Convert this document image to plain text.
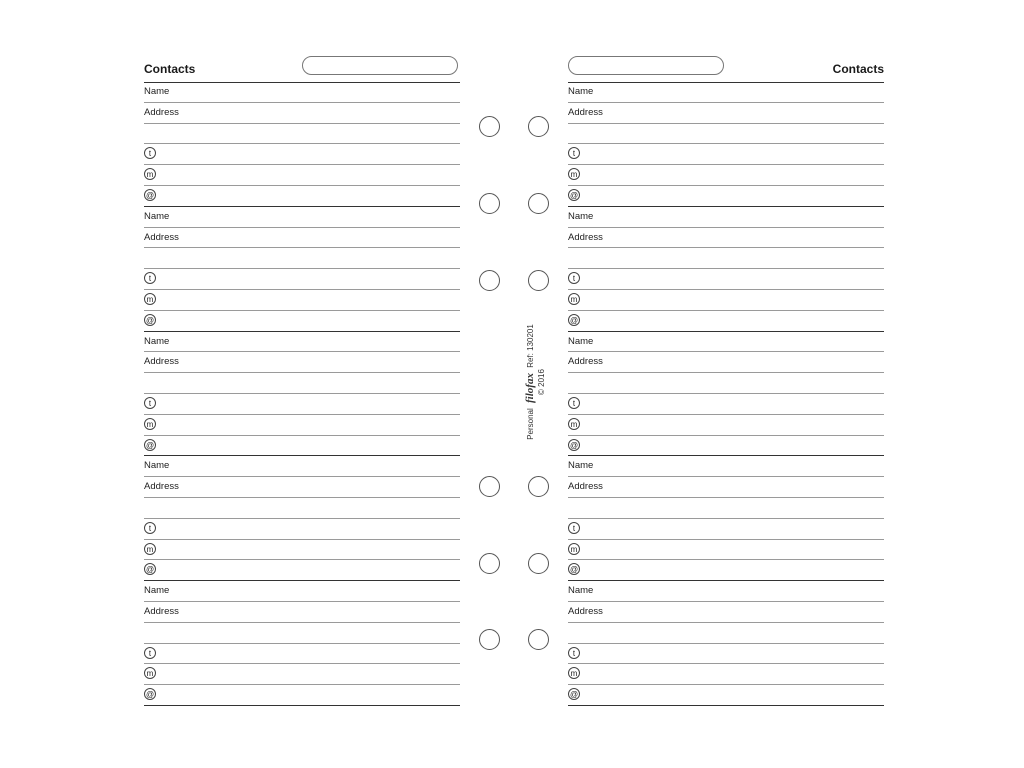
Contacts
Name
Address
t
m
@
Name
Address
t
m
@
Name
Address
t
m
@
Name
Address
t
m
@
Name
Address
t
m
@
Contacts
Name
Address
t
m
@
Name
Address
t
m
@
Name
Address
t
m
@
Name
Address
t
m
@
Name
Address
t
m
@
Personal filofax Ref: 130201
© 2016
